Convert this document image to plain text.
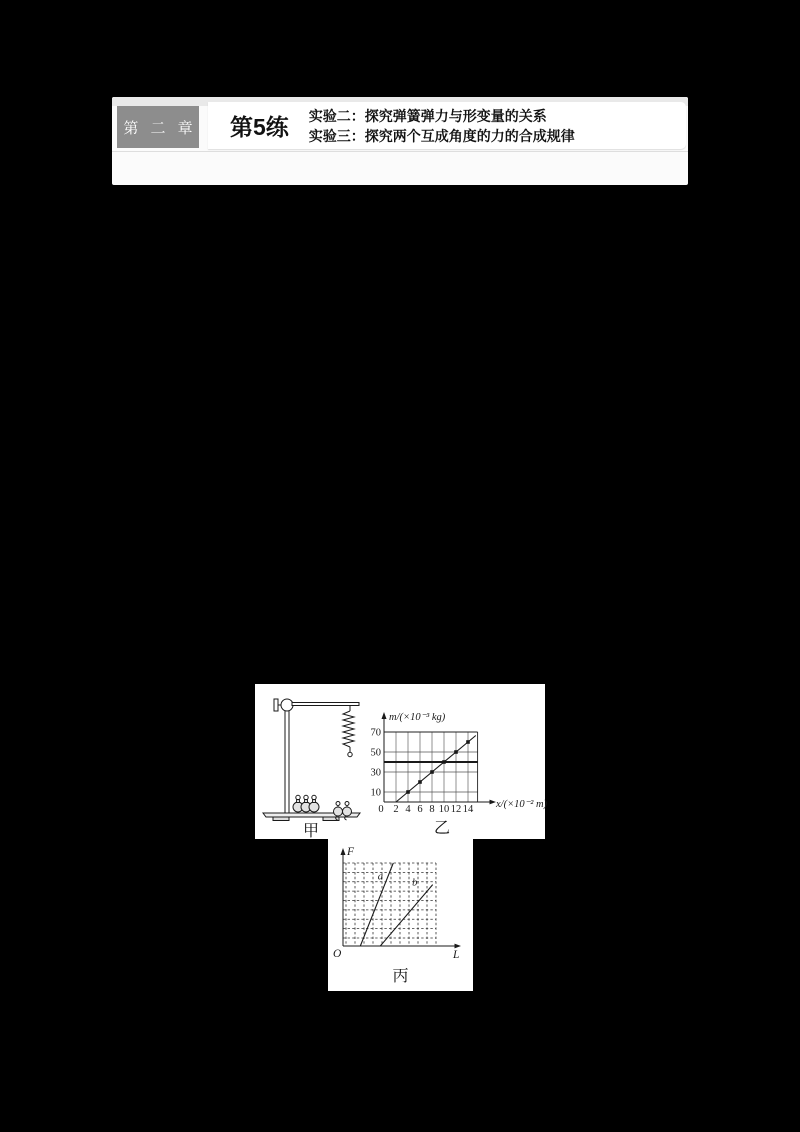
第 二 章 第5练 实验二：探究弹簧弹力与形变量的关系
实验三：探究两个互成角度的力的合成规律
甲
m/(×10⁻³ kg)
x/(×10⁻² m)
10
30
50
70
0 2 4 6 8 10 12 14
乙
F
L
O
a
b
丙
